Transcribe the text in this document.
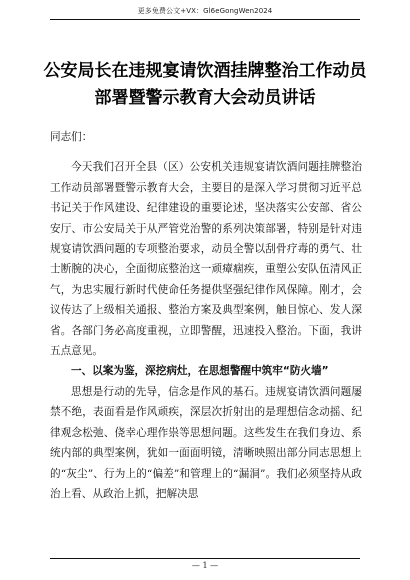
更多免费公文+VX：Gl6eGongWen2024
公安局长在违规宴请饮酒挂牌整治工作动员部署暨警示教育大会动员讲话

同志们：

今天我们召开全县（区）公安机关违规宴请饮酒问题挂牌整治工作动员部署暨警示教育大会，主要目的是深入学习贯彻习近平总书记关于作风建设、纪律建设的重要论述，坚决落实公安部、省公安厅、市公安局关于从严管党治警的系列决策部署，特别是针对违规宴请饮酒问题的专项整治要求，动员全警以刮骨疗毒的勇气、壮士断腕的决心，全面彻底整治这一顽瘴痼疾，重塑公安队伍清风正气，为忠实履行新时代使命任务提供坚强纪律作风保障。刚才，会议传达了上级相关通报、整治方案及典型案例，触目惊心、发人深省。各部门务必高度重视，立即警醒，迅速投入整治。下面，我讲五点意见。

一、以案为鉴，深挖病灶，在思想警醒中筑牢“防火墙”

思想是行动的先导，信念是作风的基石。违规宴请饮酒问题屡禁不绝，表面看是作风顽疾，深层次折射出的是理想信念动摇、纪律观念松弛、侥幸心理作祟等思想问题。这些发生在我们身边、系统内部的典型案例，犹如一面面明镜，清晰映照出部分同志思想上的“灰尘”、行为上的“偏差”和管理上的“漏洞”。我们必须坚持从政治上看、从政治上抓，把解决思

— 1 —
